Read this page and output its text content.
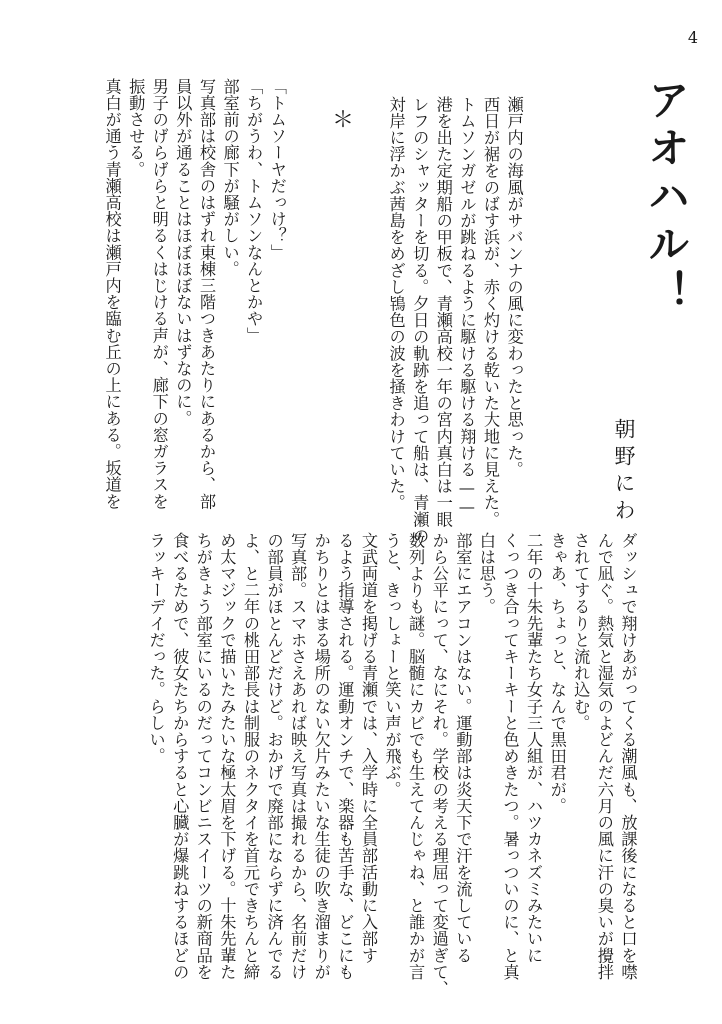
4
アオハル！
朝野にわ
瀬戸内の海風がサバンナの風に変わったと思った。
西日が裾をのばす浜が、赤く灼ける乾いた大地に見えた。
トムソンガゼルが跳ねるように駆ける駆ける翔ける——
港を出た定期船の甲板で、青瀬高校一年の宮内真白は一眼
レフのシャッターを切る。夕日の軌跡を追って船は、青瀬の
対岸に浮かぶ茜島をめざし鴇色の波を掻きわけていた。
＊
「トムソーヤだっけ？」
「ちがうわ、トムソンなんとかや」
部室前の廊下が騒がしい。
写真部は校舎のはずれ東棟三階つきあたりにあるから、部
員以外が通ることはほぼほぼないはずなのに。
男子のげらげらと明るくはじける声が、廊下の窓ガラスを
振動させる。
真白が通う青瀬高校は瀬戸内を臨む丘の上にある。坂道を
ダッシュで翔けあがってくる潮風も、放課後になると口を噤
んで凪ぐ。熱気と湿気のよどんだ六月の風に汗の臭いが攪拌
されてするりと流れ込む。
きゃあ、ちょっと、なんで黒田君が。
二年の十朱先輩たち女子三人組が、ハツカネズミみたいに
くっつき合ってキーキーと色めきたつ。暑っついのに、と真
白は思う。
部室にエアコンはない。運動部は炎天下で汗を流している
から公平にって、なにそれ。学校の考える理屈って変過ぎて、
数列よりも謎。脳髄にカビでも生えてんじゃね、と誰かが言
うと、きっしょーと笑い声が飛ぶ。
文武両道を掲げる青瀬では、入学時に全員部活動に入部す
るよう指導される。運動オンチで、楽器も苦手な、どこにも
かちりとはまる場所のない欠片みたいな生徒の吹き溜まりが
写真部。スマホさえあれば映え写真は撮れるから、名前だけ
の部員がほとんどだけど。おかげで廃部にならずに済んでる
よ、と二年の桃田部長は制服のネクタイを首元できちんと締
め太マジックで描いたみたいな極太眉を下げる。十朱先輩た
ちがきょう部室にいるのだってコンビニスイーツの新商品を
食べるためで、彼女たちからすると心臓が爆跳ねするほどの
ラッキーデイだった。らしい。
